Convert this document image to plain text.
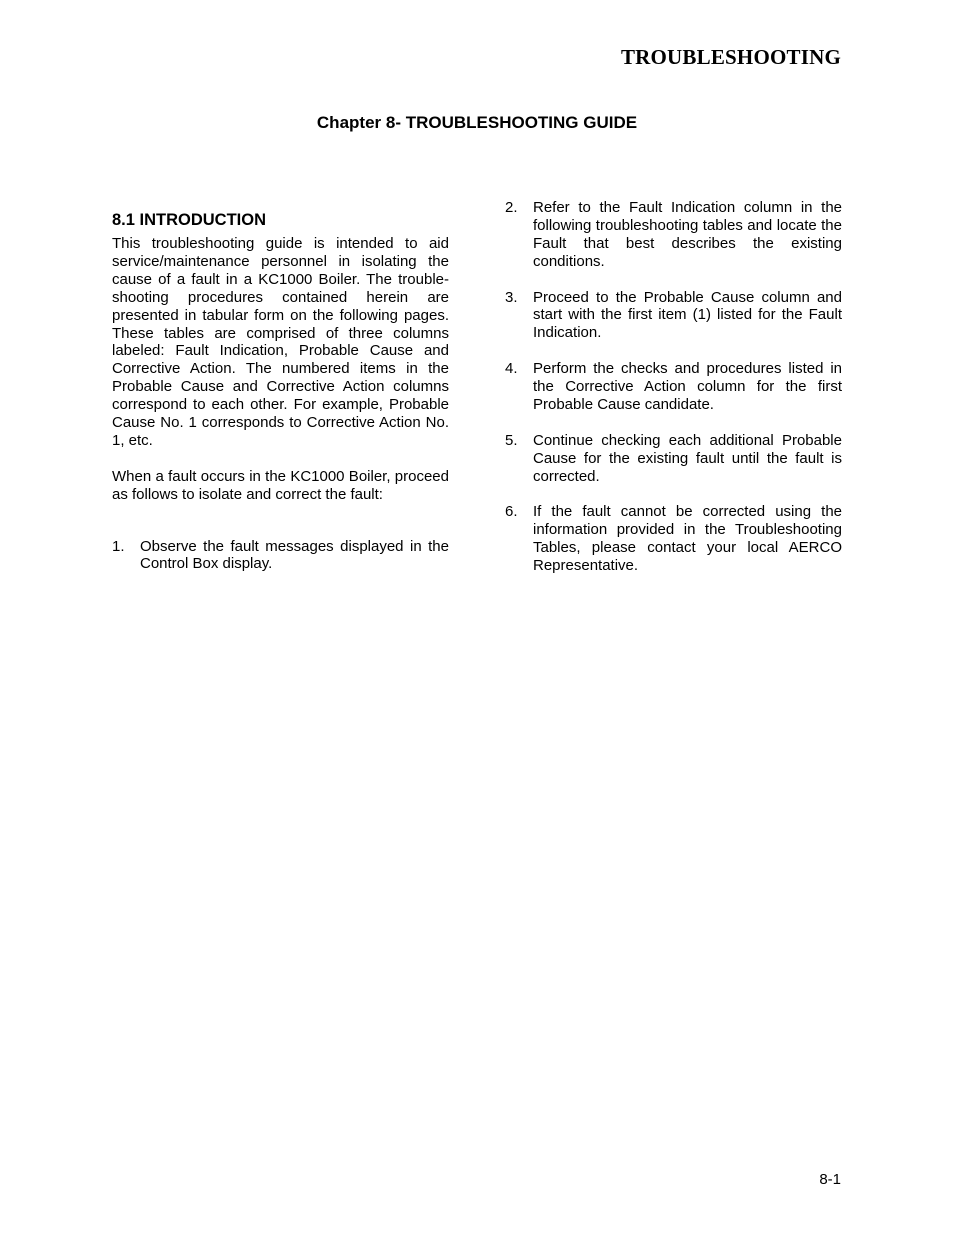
TROUBLESHOOTING
Chapter 8- TROUBLESHOOTING GUIDE
8.1 INTRODUCTION

This troubleshooting guide is intended to aid service/maintenance personnel in isolating the cause of a fault in a KC1000 Boiler. The trouble-shooting procedures contained herein are presented in tabular form on the following pages. These tables are comprised of three columns labeled: Fault Indication, Probable Cause and Corrective Action. The numbered items in the Probable Cause and Corrective Action columns correspond to each other. For example, Probable Cause No. 1 corresponds to Corrective Action No. 1, etc.

When a fault occurs in the KC1000 Boiler, proceed as follows to isolate and correct the fault:

1.	Observe the fault messages displayed in the Control Box display.
2.	Refer to the Fault Indication column in the following troubleshooting tables and locate the Fault that best describes the existing conditions.
3.	Proceed to the Probable Cause column and start with the first item (1) listed for the Fault Indication.
4.	Perform the checks and procedures listed in the Corrective Action column for the first Probable Cause candidate.
5.	Continue checking each additional Probable Cause for the existing fault until the fault is corrected.
6.	If the fault cannot be corrected using the information provided in the Troubleshooting Tables, please contact your local AERCO Representative.
8-1
